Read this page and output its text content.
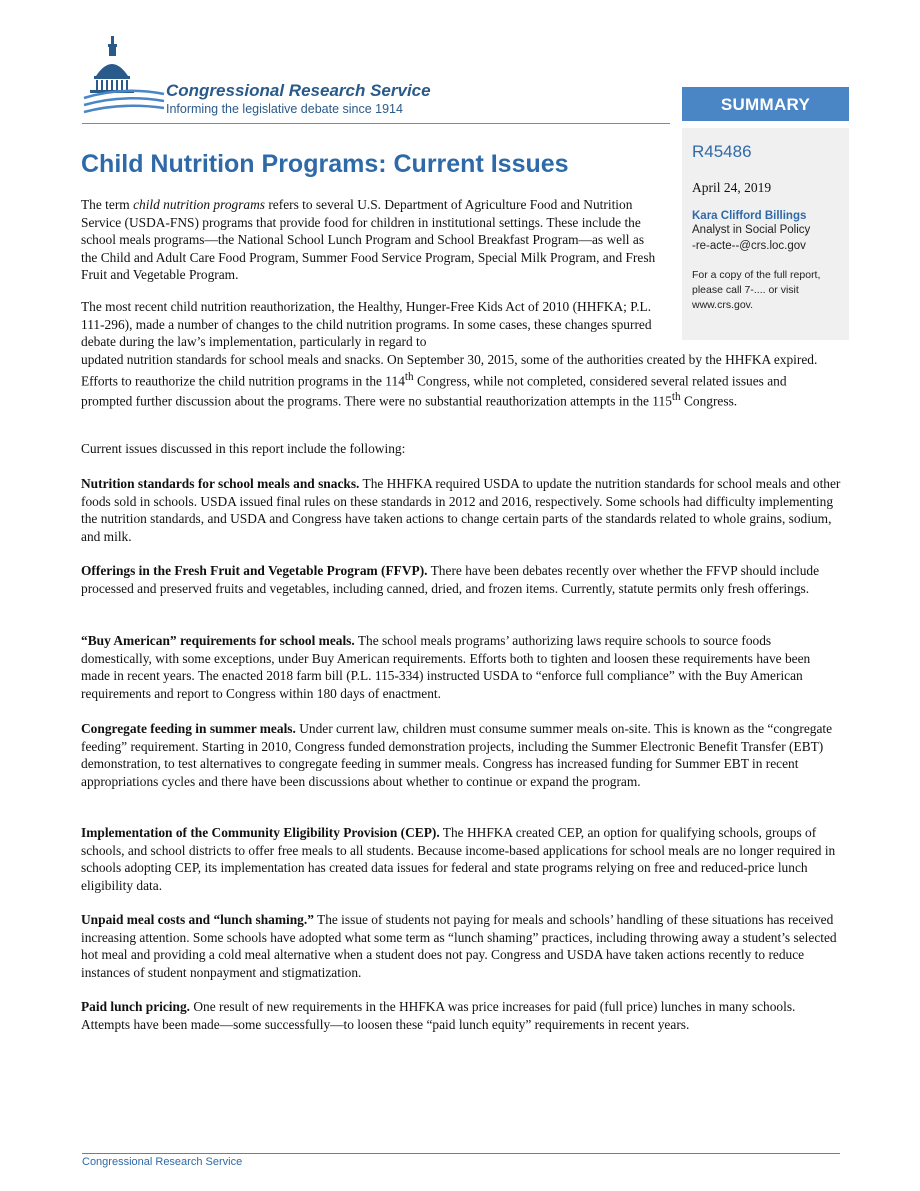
Congressional Research Service
Informing the legislative debate since 1914	SUMMARY
R45486
April 24, 2019
Kara Clifford Billings
Analyst in Social Policy
-re-acte--@crs.loc.gov
For a copy of the full report, please call 7-.... or visit www.crs.gov.
Child Nutrition Programs: Current Issues

The term child nutrition programs refers to several U.S. Department of Agriculture Food and Nutrition Service (USDA-FNS) programs that provide food for children in institutional settings. These include the school meals programs—the National School Lunch Program and School Breakfast Program—as well as the Child and Adult Care Food Program, Summer Food Service Program, Special Milk Program, and Fresh Fruit and Vegetable Program.

The most recent child nutrition reauthorization, the Healthy, Hunger-Free Kids Act of 2010 (HHFKA; P.L. 111-296), made a number of changes to the child nutrition programs. In some cases, these changes spurred debate during the law’s implementation, particularly in regard to

updated nutrition standards for school meals and snacks. On September 30, 2015, some of the authorities created by the HHFKA expired. Efforts to reauthorize the child nutrition programs in the 114th Congress, while not completed, considered several related issues and prompted further discussion about the programs. There were no substantial reauthorization attempts in the 115th Congress.

Current issues discussed in this report include the following:

Nutrition standards for school meals and snacks. The HHFKA required USDA to update the nutrition standards for school meals and other foods sold in schools. USDA issued final rules on these standards in 2012 and 2016, respectively. Some schools had difficulty implementing the nutrition standards, and USDA and Congress have taken actions to change certain parts of the standards related to whole grains, sodium, and milk.

Offerings in the Fresh Fruit and Vegetable Program (FFVP). There have been debates recently over whether the FFVP should include processed and preserved fruits and vegetables, including canned, dried, and frozen items. Currently, statute permits only fresh offerings.

“Buy American” requirements for school meals. The school meals programs’ authorizing laws require schools to source foods domestically, with some exceptions, under Buy American requirements. Efforts both to tighten and loosen these requirements have been made in recent years. The enacted 2018 farm bill (P.L. 115-334) instructed USDA to “enforce full compliance” with the Buy American requirements and report to Congress within 180 days of enactment.

Congregate feeding in summer meals. Under current law, children must consume summer meals on-site. This is known as the “congregate feeding” requirement. Starting in 2010, Congress funded demonstration projects, including the Summer Electronic Benefit Transfer (EBT) demonstration, to test alternatives to congregate feeding in summer meals. Congress has increased funding for Summer EBT in recent appropriations cycles and there have been discussions about whether to continue or expand the program.

Implementation of the Community Eligibility Provision (CEP). The HHFKA created CEP, an option for qualifying schools, groups of schools, and school districts to offer free meals to all students. Because income-based applications for school meals are no longer required in schools adopting CEP, its implementation has created data issues for federal and state programs relying on free and reduced-price lunch eligibility data.

Unpaid meal costs and “lunch shaming.” The issue of students not paying for meals and schools’ handling of these situations has received increasing attention. Some schools have adopted what some term as “lunch shaming” practices, including throwing away a student’s selected hot meal and providing a cold meal alternative when a student does not pay. Congress and USDA have taken actions recently to reduce instances of student nonpayment and stigmatization.

Paid lunch pricing. One result of new requirements in the HHFKA was price increases for paid (full price) lunches in many schools. Attempts have been made—some successfully—to loosen these “paid lunch equity” requirements in recent years.

Congressional Research Service
